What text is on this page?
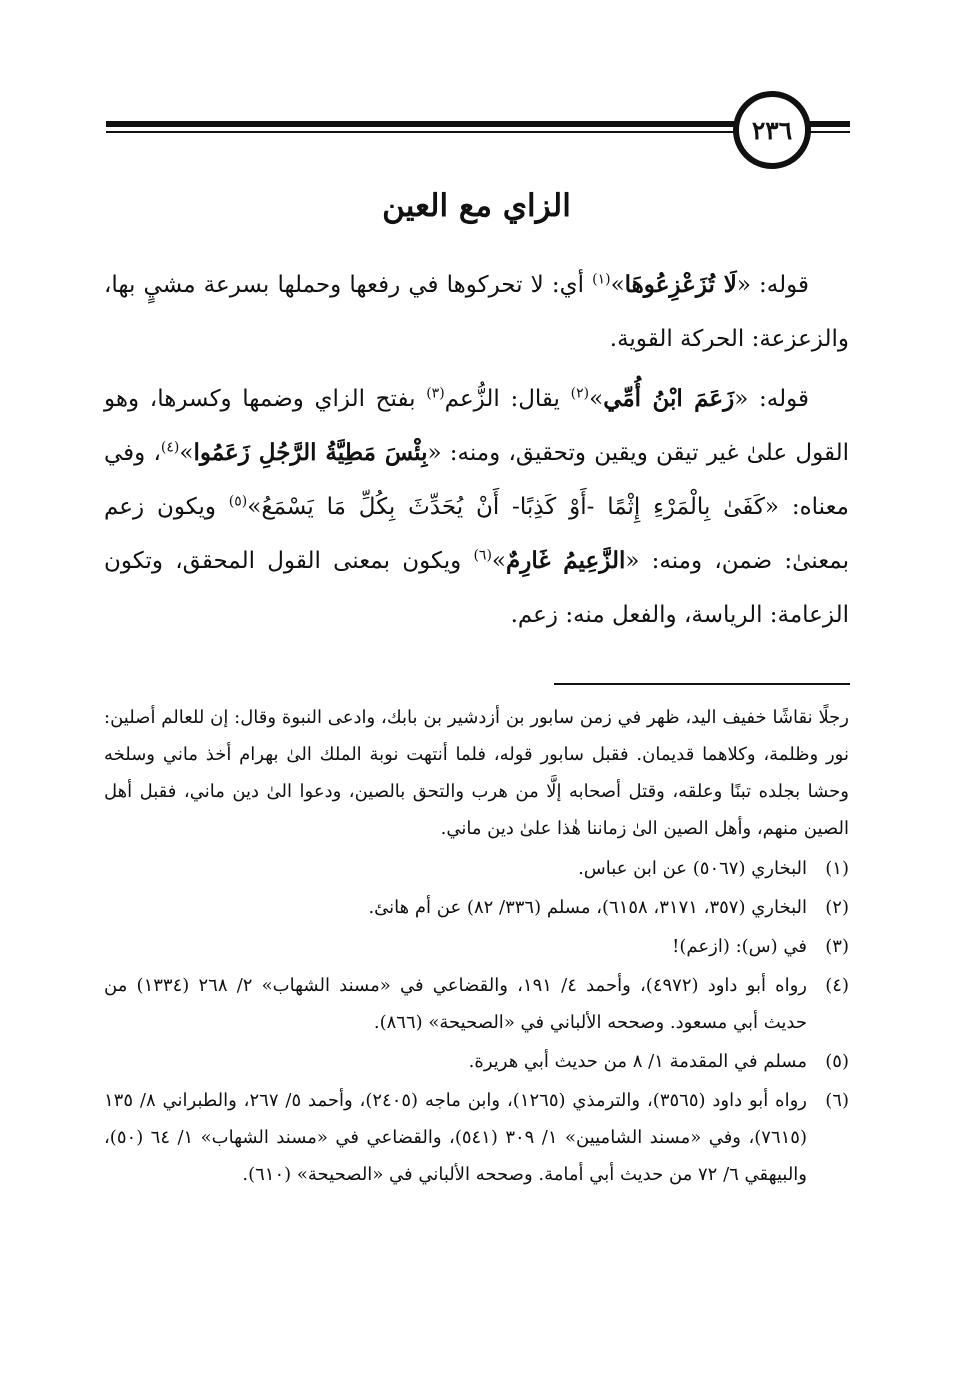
٢٣٦
الزاي مع العين

قوله: «لَا تُزَعْزِعُوهَا»$^{(١)}$ أي: لا تحركوها في رفعها وحملها بسرعة مشيٍ بها، والزعزعة: الحركة القوية.

قوله: «زَعَمَ ابْنُ أُمِّي»$^{(٢)}$ يقال: الزُّعم$^{(٣)}$ بفتح الزاي وضمها وكسرها، وهو القول علىٰ غير تيقن ويقين وتحقيق، ومنه: «بِئْسَ مَطِيَّةُ الرَّجُلِ زَعَمُوا»$^{(٤)}$، وفي معناه: «كَفَىٰ بِالْمَرْءِ إِثْمًا -أَوْ كَذِبًا- أَنْ يُحَدِّثَ بِكُلِّ مَا يَسْمَعُ»$^{(٥)}$ ويكون زعم بمعنىٰ: ضمن، ومنه: «الزَّعِيمُ غَارِمٌ»$^{(٦)}$ ويكون بمعنى القول المحقق، وتكون الزعامة: الرياسة، والفعل منه: زعم.

رجلًا نقاشًا خفيف اليد، ظهر في زمن سابور بن أزدشير بن بابك، وادعى النبوة وقال: إن للعالم أصلين: نور وظلمة، وكلاهما قديمان. فقبل سابور قوله، فلما أنتهت نوبة الملك الىٰ بهرام أخذ ماني وسلخه وحشا بجلده تبنًا وعلقه، وقتل أصحابه إلَّا من هرب والتحق بالصين، ودعوا الىٰ دين ماني، فقبل أهل الصين منهم، وأهل الصين الىٰ زماننا هٰذا علىٰ دين ماني.
(١)
البخاري (٥٠٦٧) عن ابن عباس.
(٢)
البخاري (٣٥٧، ٣١٧١، ٦١٥٨)، مسلم (٣٣٦/ ٨٢) عن أم هانئ.
(٣)
في (س): (ازعم)!
(٤)
رواه أبو داود (٤٩٧٢)، وأحمد ٤/ ١٩١، والقضاعي في «مسند الشهاب» ٢/ ٢٦٨ (١٣٣٤) من حديث أبي مسعود. وصححه الألباني في «الصحيحة» (٨٦٦).
(٥)
مسلم في المقدمة ١/ ٨ من حديث أبي هريرة.
(٦)
رواه أبو داود (٣٥٦٥)، والترمذي (١٢٦٥)، وابن ماجه (٢٤٠٥)، وأحمد ٥/ ٢٦٧، والطبراني ٨/ ١٣٥ (٧٦١٥)، وفي «مسند الشاميين» ١/ ٣٠٩ (٥٤١)، والقضاعي في «مسند الشهاب» ١/ ٦٤ (٥٠)، والبيهقي ٦/ ٧٢ من حديث أبي أمامة. وصححه الألباني في «الصحيحة» (٦١٠).
